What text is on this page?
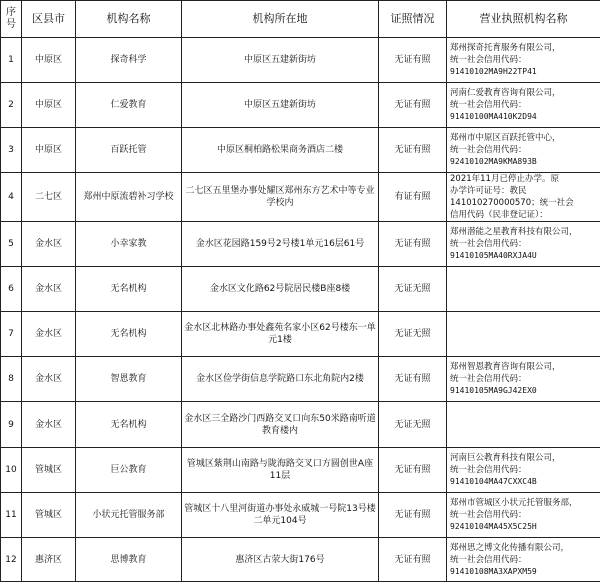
序号	区县市	机构名称	机构所在地	证照情况	营业执照机构名称
1	中原区	探奇科学	中原区五建新街坊	无证有照	郑州探奇托育服务有限公司，
统一社会信用代码：
91410102MA9H22TP41

2	中原区	仁爱教育	中原区五建新街坊	无证有照	河南仁爱教育咨询有限公司，
统一社会信用代码：
91410100MA410K2D94

3	中原区	百跃托管	中原区桐柏路松果商务酒店二楼	无证有照	郑州市中原区百跃托管中心，
统一社会信用代码：
92410102MA9KMA893B

4	二七区	郑州中原流碧补习学校	二七区五里堡办事处耀区郑州东方艺术中等专业学校内	有证有照	2021年11月已停止办学。原
办学许可证号：教民
141010270000570；统一社会
信用代码（民非登记证）：

5	金水区	小幸家教	金水区花园路159号2号楼1单元16层61号	无证有照	郑州潜能之星教育科技有限公司，
统一社会信用代码：
91410105MA40RXJA4U

6	金水区	无名机构	金水区文化路62号院居民楼B座8楼	无证无照	
7	金水区	无名机构	金水区北林路办事处鑫苑名家小区62号楼东一单元1楼	无证无照	
8	金水区	智恩教育	金水区俭学街信息学院路口东北角院内2楼	无证有照	郑州智恩教育咨询有限公司，
统一社会信用代码：
91410105MA9GJ42EX0

9	金水区	无名机构	金水区三全路沙门西路交叉口向东50米路南听道教育楼内	无证无照	
10	管城区	巨公教育	管城区紫荆山南路与陇海路交叉口方圆创世A座11层	无证有照	河南巨公教育科技有限公司，
统一社会信用代码：
91410104MA47CXXC4B

11	管城区	小状元托管服务部	管城区十八里河街道办事处永威城一号院13号楼二单元104号	无证有照	郑州市管城区小状元托管服务部，
统一社会信用代码：
92410104MA45X5C25H

12	惠济区	思博教育	惠济区古荥大街176号	无证有照	郑州思之博文化传播有限公司，
统一社会信用代码：
91410108MA3XAPXM59
